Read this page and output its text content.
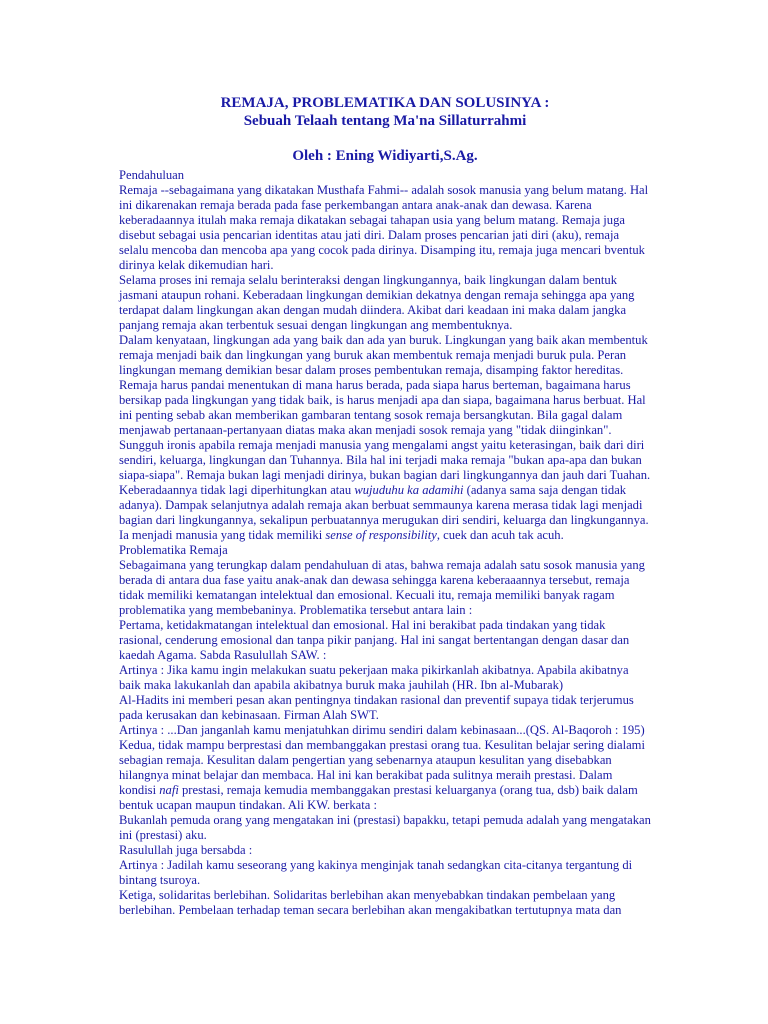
REMAJA, PROBLEMATIKA DAN SOLUSINYA :

Sebuah Telaah tentang Ma'na Sillaturrahmi

Oleh : Ening Widiyarti,S.Ag.

Pendahuluan

Remaja --sebagaimana yang dikatakan Musthafa Fahmi-- adalah sosok manusia yang belum matang. Hal ini dikarenakan remaja berada pada fase perkembangan antara anak-anak dan dewasa. Karena keberadaannya itulah maka remaja dikatakan sebagai tahapan usia yang belum matang. Remaja juga disebut sebagai usia pencarian identitas atau jati diri. Dalam proses pencarian jati diri (aku), remaja selalu mencoba dan mencoba apa yang cocok pada dirinya. Disamping itu, remaja juga mencari bventuk dirinya kelak dikemudian hari.

Selama proses ini remaja selalu berinteraksi dengan lingkungannya, baik lingkungan dalam bentuk jasmani ataupun rohani. Keberadaan lingkungan demikian dekatnya dengan remaja sehingga apa yang terdapat dalam lingkungan akan dengan mudah diindera. Akibat dari keadaan ini maka dalam jangka panjang remaja akan terbentuk sesuai dengan lingkungan ang membentuknya.

Dalam kenyataan, lingkungan ada yang baik dan ada yan buruk. Lingkungan yang baik akan membentuk remaja menjadi baik dan lingkungan yang buruk akan membentuk remaja menjadi buruk pula. Peran lingkungan memang demikian besar dalam proses pembentukan remaja, disamping faktor hereditas.

Remaja harus pandai menentukan di mana harus berada, pada siapa harus berteman, bagaimana harus bersikap pada lingkungan yang tidak baik, is harus menjadi apa dan siapa, bagaimana harus berbuat. Hal ini penting sebab akan memberikan gambaran tentang sosok remaja bersangkutan. Bila gagal dalam menjawab pertanaan-pertanyaan diatas maka akan menjadi sosok remaja yang "tidak diinginkan".

Sungguh ironis apabila remaja menjadi manusia yang mengalami angst yaitu keterasingan, baik dari diri sendiri, keluarga, lingkungan dan Tuhannya. Bila hal ini terjadi maka remaja "bukan apa-apa dan bukan siapa-siapa". Remaja bukan lagi menjadi dirinya, bukan bagian dari lingkungannya dan jauh dari Tuahan.

Keberadaannya tidak lagi diperhitungkan atau wujuduhu ka adamihi (adanya sama saja dengan tidak adanya). Dampak selanjutnya adalah remaja akan berbuat semmaunya karena merasa tidak lagi menjadi bagian dari lingkungannya, sekalipun perbuatannya merugukan diri sendiri, keluarga dan lingkungannya.

Ia menjadi manusia yang tidak memiliki sense of responsibility, cuek dan acuh tak acuh.

Problematika Remaja

Sebagaimana yang terungkap dalam pendahuluan di atas, bahwa remaja adalah satu sosok manusia yang berada di antara dua fase yaitu anak-anak dan dewasa sehingga karena keberaaannya tersebut, remaja tidak memiliki kematangan intelektual dan emosional. Kecuali itu, remaja memiliki banyak ragam problematika yang membebaninya. Problematika tersebut antara lain :

Pertama, ketidakmatangan intelektual dan emosional. Hal ini berakibat pada tindakan yang tidak rasional, cenderung emosional dan tanpa pikir panjang. Hal ini sangat bertentangan dengan dasar dan kaedah Agama. Sabda Rasulullah SAW. :

Artinya : Jika kamu ingin melakukan suatu pekerjaan maka pikirkanlah akibatnya. Apabila akibatnya baik maka lakukanlah dan apabila akibatnya buruk maka jauhilah (HR. Ibn al-Mubarak)

Al-Hadits ini memberi pesan akan pentingnya tindakan rasional dan preventif supaya tidak terjerumus pada kerusakan dan kebinasaan. Firman Alah SWT.

Artinya : ...Dan janganlah kamu menjatuhkan dirimu sendiri dalam kebinasaan...(QS. Al-Baqoroh : 195)

Kedua, tidak mampu berprestasi dan membanggakan prestasi orang tua. Kesulitan belajar sering dialami sebagian remaja. Kesulitan dalam pengertian yang sebenarnya ataupun kesulitan yang disebabkan hilangnya minat belajar dan membaca. Hal ini kan berakibat pada sulitnya meraih prestasi. Dalam

kondisi nafi prestasi, remaja kemudia membanggakan prestasi keluarganya (orang tua, dsb) baik dalam bentuk ucapan maupun tindakan. Ali KW. berkata :

Bukanlah pemuda orang yang mengatakan ini (prestasi) bapakku, tetapi pemuda adalah yang mengatakan ini (prestasi) aku.

Rasulullah juga bersabda :

Artinya : Jadilah kamu seseorang yang kakinya menginjak tanah sedangkan cita-citanya tergantung di bintang tsuroya.

Ketiga, solidaritas berlebihan. Solidaritas berlebihan akan menyebabkan tindakan pembelaan yang berlebihan. Pembelaan terhadap teman secara berlebihan akan mengakibatkan tertutupnya mata dan
